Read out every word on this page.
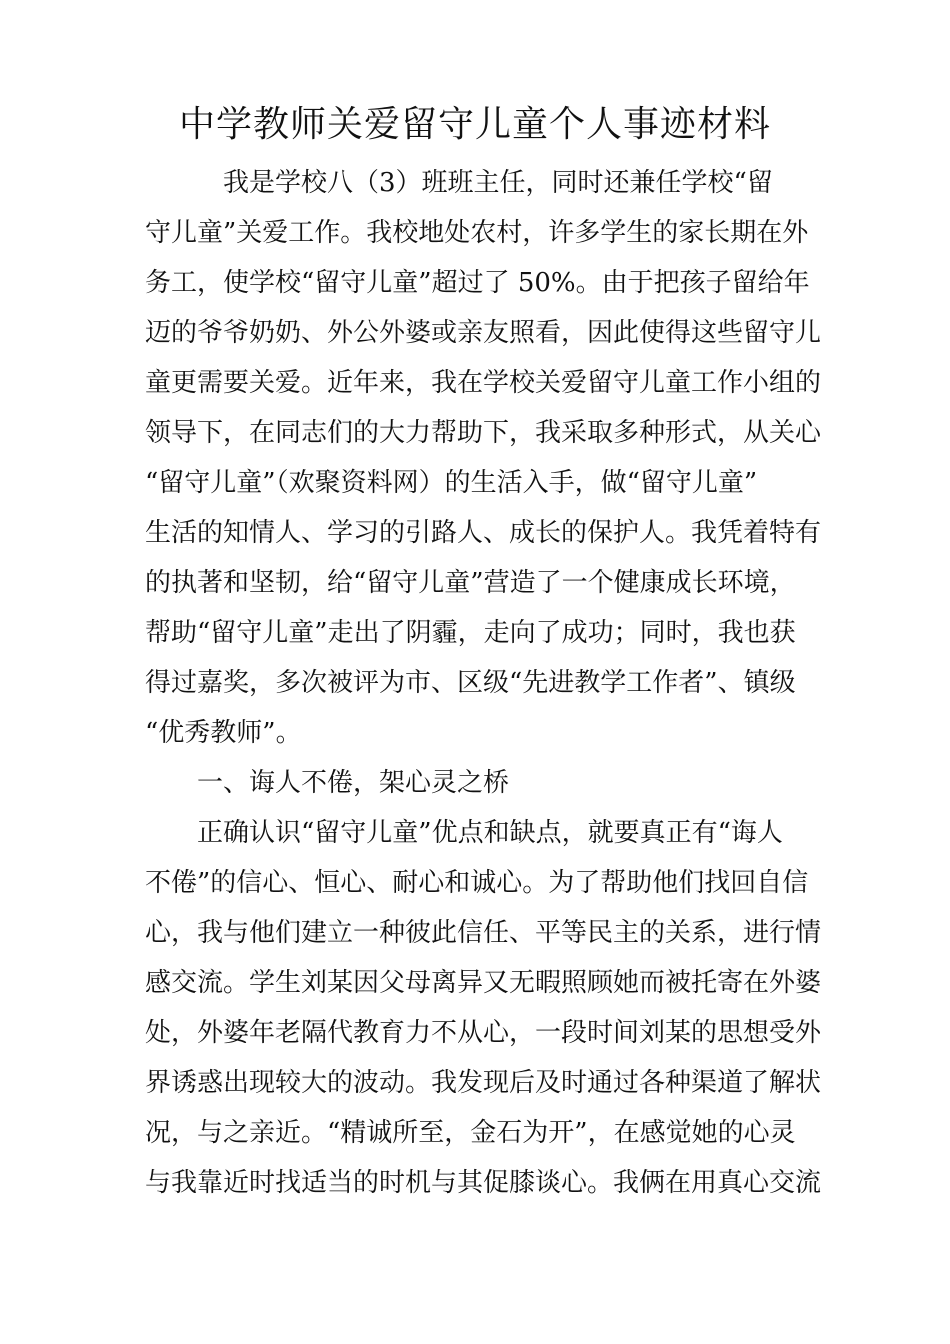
中学教师关爱留守儿童个人事迹材料

　　　我是学校八（3）班班主任，同时还兼任学校“留

守儿童”关爱工作。我校地处农村，许多学生的家长期在外

务工，使学校“留守儿童”超过了 50%。由于把孩子留给年

迈的爷爷奶奶、外公外婆或亲友照看，因此使得这些留守儿

童更需要关爱。近年来，我在学校关爱留守儿童工作小组的

领导下，在同志们的大力帮助下，我采取多种形式，从关心

“留守儿童”（欢聚资料网）的生活入手，做“留守儿童”

生活的知情人、学习的引路人、成长的保护人。我凭着特有

的执著和坚韧，给“留守儿童”营造了一个健康成长环境，

帮助“留守儿童”走出了阴霾，走向了成功；同时，我也获

得过嘉奖，多次被评为市、区级“先进教学工作者”、镇级

“优秀教师”。

　　一、诲人不倦，架心灵之桥

　　正确认识“留守儿童”优点和缺点，就要真正有“诲人

不倦”的信心、恒心、耐心和诚心。为了帮助他们找回自信

心，我与他们建立一种彼此信任、平等民主的关系，进行情

感交流。学生刘某因父母离异又无暇照顾她而被托寄在外婆

处，外婆年老隔代教育力不从心，一段时间刘某的思想受外

界诱惑出现较大的波动。我发现后及时通过各种渠道了解状

况，与之亲近。“精诚所至，金石为开”，在感觉她的心灵

与我靠近时找适当的时机与其促膝谈心。我俩在用真心交流
